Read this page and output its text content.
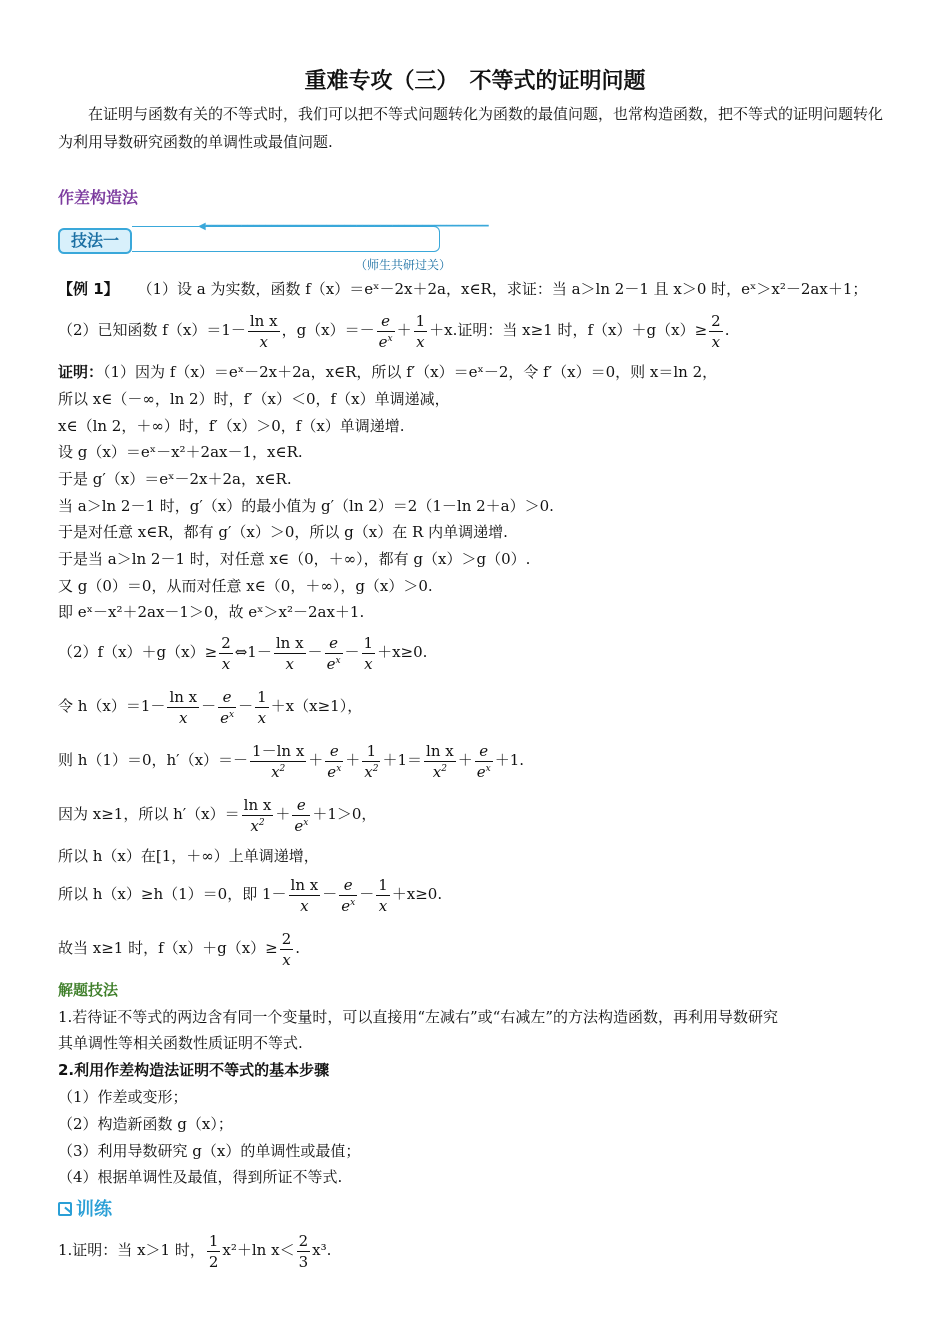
重难专攻（三）　不等式的证明问题
在证明与函数有关的不等式时，我们可以把不等式问题转化为函数的最值问题，也常构造函数，把不等式的证明问题转化为利用导数研究函数的单调性或最值问题.
作差构造法
◀━━━━━━━━━━━━━━━━━━━━━━━━━━━━━━━━━━━━━━━━━━━━━━━
技法一
（师生共研过关）
【例 1】 （1）设 a 为实数，函数 f（x）＝eˣ－2x＋2a，x∈R，求证：当 a＞ln 2－1 且 x＞0 时，eˣ＞x²－2ax＋1；
（2）已知函数 $f(x)=1- \frac{\text{ln x}}{x}$ ，$g(x)=- \frac{e}{e^x} + \frac{1}{x} +x$.证明：当 x≥1 时，$f(x)+g(x)\ge \frac{2}{x}$ .
证明：（1）因为 f（x）＝eˣ－2x＋2a，x∈R，所以 f′（x）＝eˣ－2，令 f′（x）＝0，则 x＝ln 2，
所以 x∈（－∞，ln 2）时，f′（x）＜0，f（x）单调递减，
x∈（ln 2，＋∞）时，f′（x）＞0，f（x）单调递增.
设 g（x）＝eˣ－x²＋2ax－1，x∈R.
于是 g′（x）＝eˣ－2x＋2a，x∈R.
当 a＞ln 2－1 时，g′（x）的最小值为 g′（ln 2）＝2（1－ln 2＋a）＞0.
于是对任意 x∈R，都有 g′（x）＞0，所以 g（x）在 R 内单调递增.
于是当 a＞ln 2－1 时，对任意 x∈（0，＋∞），都有 g（x）＞g（0）.
又 g（0）＝0，从而对任意 x∈（0，＋∞），g（x）＞0.
即 eˣ－x²＋2ax－1＞0，故 eˣ＞x²－2ax＋1.
$(2)f(x)+g(x)\ge \frac{2}{x}$ ⇔1－ $\frac{\text{ln x}}{x} - \frac{e}{e^x} - \frac{1}{x} +x\ge 0$.
令 $h(x)=1- \frac{\text{ln x}}{x} - \frac{e}{e^x} - \frac{1}{x} +x(x\ge 1)$，
则 h（1）＝0，$h'(x)=- \frac{\text{1－ln x}}{x^2} + \frac{e}{e^x} + \frac{1}{x^2} +1= \frac{\text{ln x}}{x^2} + \frac{e}{e^x} +1$.
因为 x≥1，所以 $h'(x)= \frac{\text{ln x}}{x^2} + \frac{e}{e^x} +1>0$，
所以 h（x）在[1，＋∞）上单调递增，
所以 h（x）≥h（1）＝0，即 $1- \frac{\text{ln x}}{x} - \frac{e}{e^x} - \frac{1}{x} +x\ge 0$.
故当 x≥1 时，$f(x)+g(x)\ge \frac{2}{x}$ .
解题技法
1.若待证不等式的两边含有同一个变量时，可以直接用“左减右”或“右减左”的方法构造函数，再利用导数研究
其单调性等相关函数性质证明不等式.
2.利用作差构造法证明不等式的基本步骤
（1）作差或变形；
（2）构造新函数 g（x）；
（3）利用导数研究 g（x）的单调性或最值；
（4）根据单调性及最值，得到所证不等式.
训练
1.证明：当 x＞1 时， $\frac{1}{2} x^2+\ln$ $x< \frac{2}{3} x^3$.
